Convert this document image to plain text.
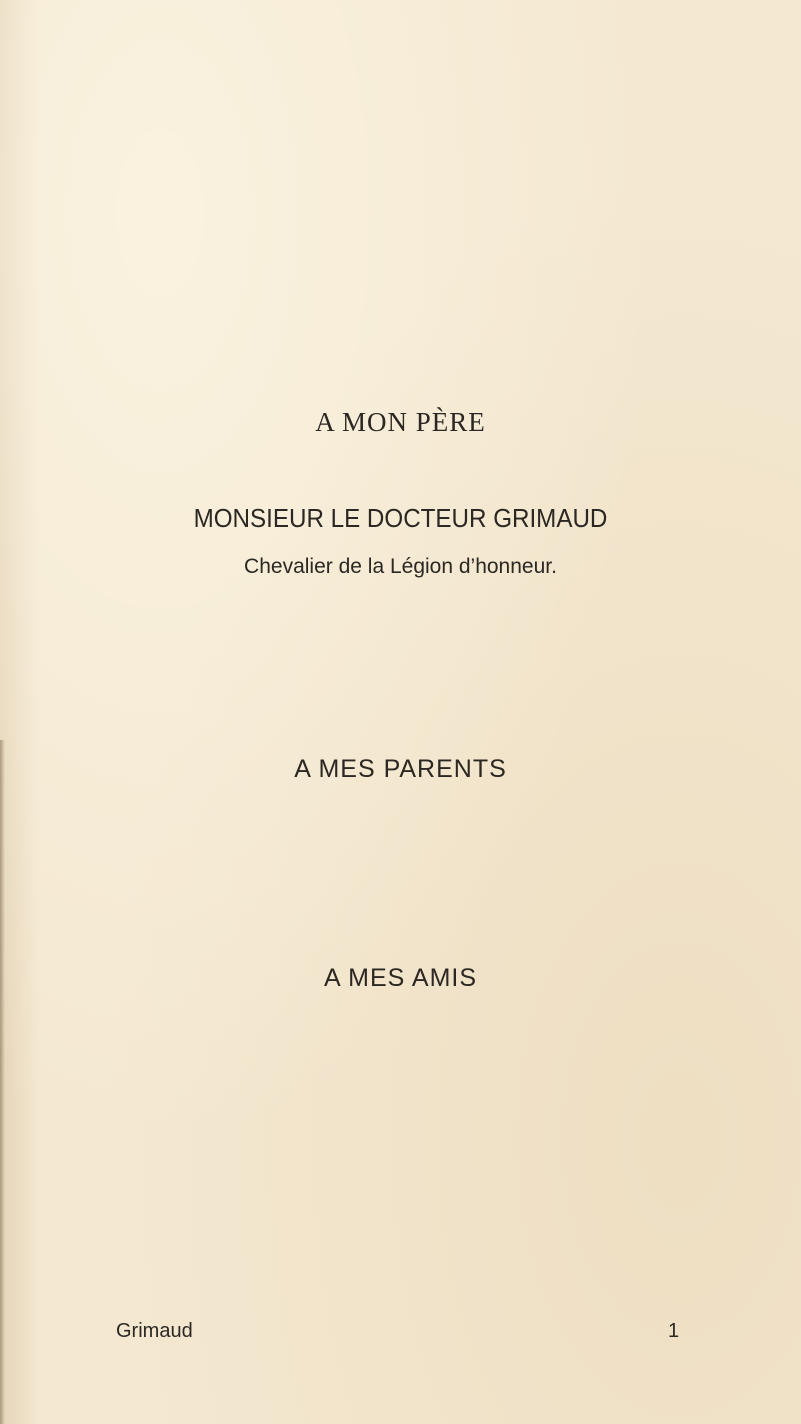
A MON PÈRE
MONSIEUR LE DOCTEUR GRIMAUD
Chevalier de la Légion d’honneur.
A MES PARENTS
A MES AMIS
Grimaud	1
